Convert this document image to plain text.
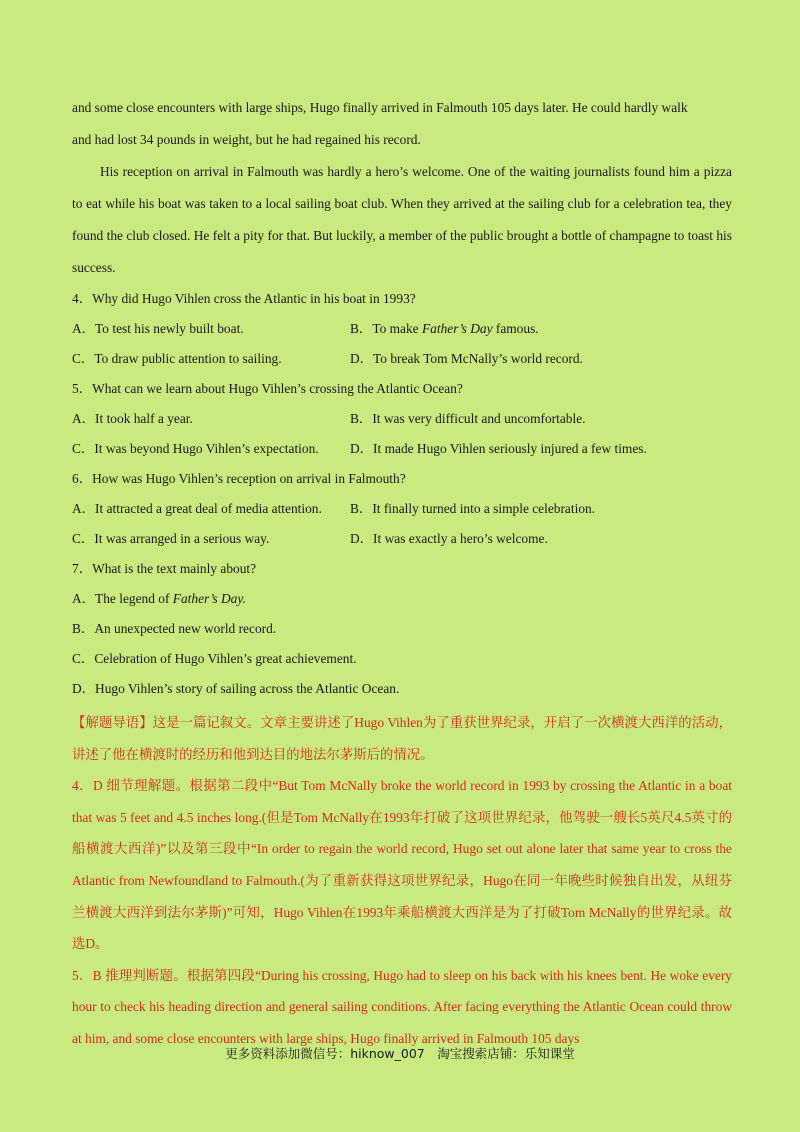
and some close encounters with large ships, Hugo finally arrived in Falmouth 105 days later. He could hardly walk

and had lost 34 pounds in weight, but he had regained his record.

His reception on arrival in Falmouth was hardly a hero’s welcome. One of the waiting journalists found him a pizza to eat while his boat was taken to a local sailing boat club. When they arrived at the sailing club for a celebration tea, they found the club closed. He felt a pity for that. But luckily, a member of the public brought a bottle of champagne to toast his success.

4．Why did Hugo Vihlen cross the Atlantic in his boat in 1993?

A．To test his newly built boat.	B．To make Father’s Day famous.
C．To draw public attention to sailing.	D．To break Tom McNally’s world record.

5．What can we learn about Hugo Vihlen’s crossing the Atlantic Ocean?

A．It took half a year.	B．It was very difficult and uncomfortable.
C．It was beyond Hugo Vihlen’s expectation.	D．It made Hugo Vihlen seriously injured a few times.

6．How was Hugo Vihlen’s reception on arrival in Falmouth?

A．It attracted a great deal of media attention.	B．It finally turned into a simple celebration.
C．It was arranged in a serious way.	D．It was exactly a hero’s welcome.

7．What is the text mainly about?

A．The legend of Father’s Day.
B．An unexpected new world record.
C．Celebration of Hugo Vihlen’s great achievement.
D．Hugo Vihlen’s story of sailing across the Atlantic Ocean.

【解题导语】这是一篇记叙文。文章主要讲述了Hugo Vihlen为了重获世界纪录，开启了一次横渡大西洋的活动，讲述了他在横渡时的经历和他到达目的地法尔茅斯后的情况。

4．D 细节理解题。根据第二段中“But Tom McNally broke the world record in 1993 by crossing the Atlantic in a boat that was 5 feet and 4.5 inches long.(但是Tom McNally在1993年打破了这项世界纪录，他驾驶一艘长5英尺4.5英寸的船横渡大西洋)”以及第三段中“In order to regain the world record, Hugo set out alone later that same year to cross the Atlantic from Newfoundland to Falmouth.(为了重新获得这项世界纪录，Hugo在同一年晚些时候独自出发，从纽芬兰横渡大西洋到法尔茅斯)”可知，Hugo Vihlen在1993年乘船横渡大西洋是为了打破Tom McNally的世界纪录。故选D。

5．B 推理判断题。根据第四段“During his crossing, Hugo had to sleep on his back with his knees bent. He woke every hour to check his heading direction and general sailing conditions. After facing everything the Atlantic Ocean could throw at him, and some close encounters with large ships, Hugo finally arrived in Falmouth 105 days

更多资料添加微信号：hiknow_007　淘宝搜索店铺：乐知课堂
